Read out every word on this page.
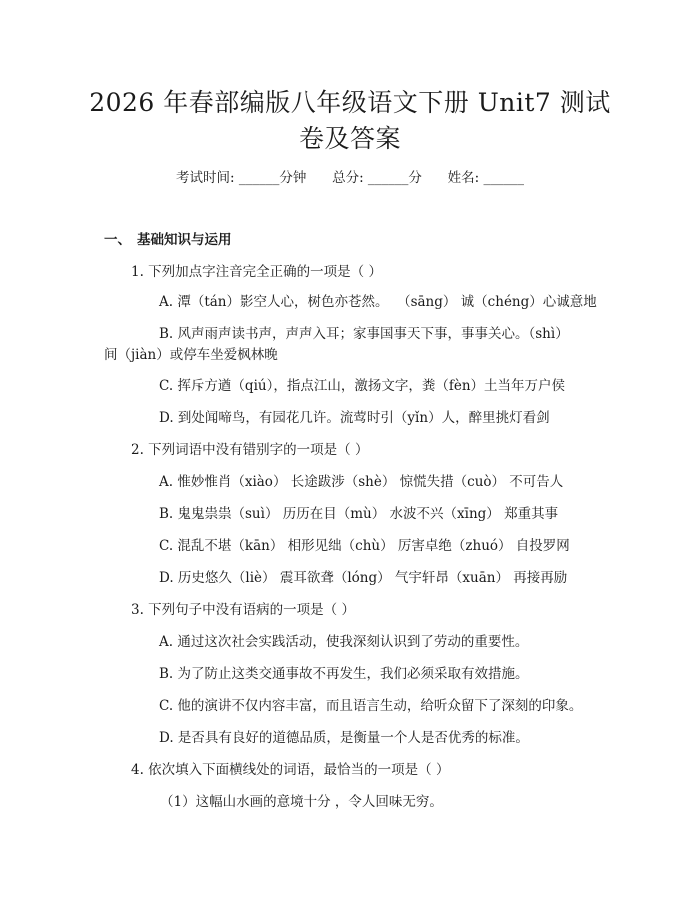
2026 年春部编版八年级语文下册 Unit7 测试
卷及答案
考试时间: ______分钟      总分: ______分      姓名: ______
一、 基础知识与运用
1. 下列加点字注音完全正确的一项是（ ）
A. 潭（tán）影空人心，树色亦苍然。  （sāng） 诚（chéng）心诚意地
B. 风声雨声读书声，声声入耳；家事国事天下事，事事关心。（shì）
间（jiàn）或停车坐爱枫林晚
C. 挥斥方遒（qiú），指点江山，激扬文字，粪（fèn）土当年万户侯
D. 到处闻啼鸟，有园花几许。流莺时引（yǐn）人，醉里挑灯看剑
2. 下列词语中没有错别字的一项是（ ）
A. 惟妙惟肖（xiào） 长途跋涉（shè） 惊慌失措（cuò） 不可告人
B. 鬼鬼祟祟（suì） 历历在目（mù） 水波不兴（xīng） 郑重其事
C. 混乱不堪（kān） 相形见绌（chù） 厉害卓绝（zhuó） 自投罗网
D. 历史悠久（liè） 震耳欲聋（lóng） 气宇轩昂（xuān） 再接再励
3. 下列句子中没有语病的一项是（ ）
A. 通过这次社会实践活动，使我深刻认识到了劳动的重要性。
B. 为了防止这类交通事故不再发生，我们必须采取有效措施。
C. 他的演讲不仅内容丰富，而且语言生动，给听众留下了深刻的印象。
D. 是否具有良好的道德品质，是衡量一个人是否优秀的标准。
4. 依次填入下面横线处的词语，最恰当的一项是（ ）
（1）这幅山水画的意境十分 ，令人回味无穷。
